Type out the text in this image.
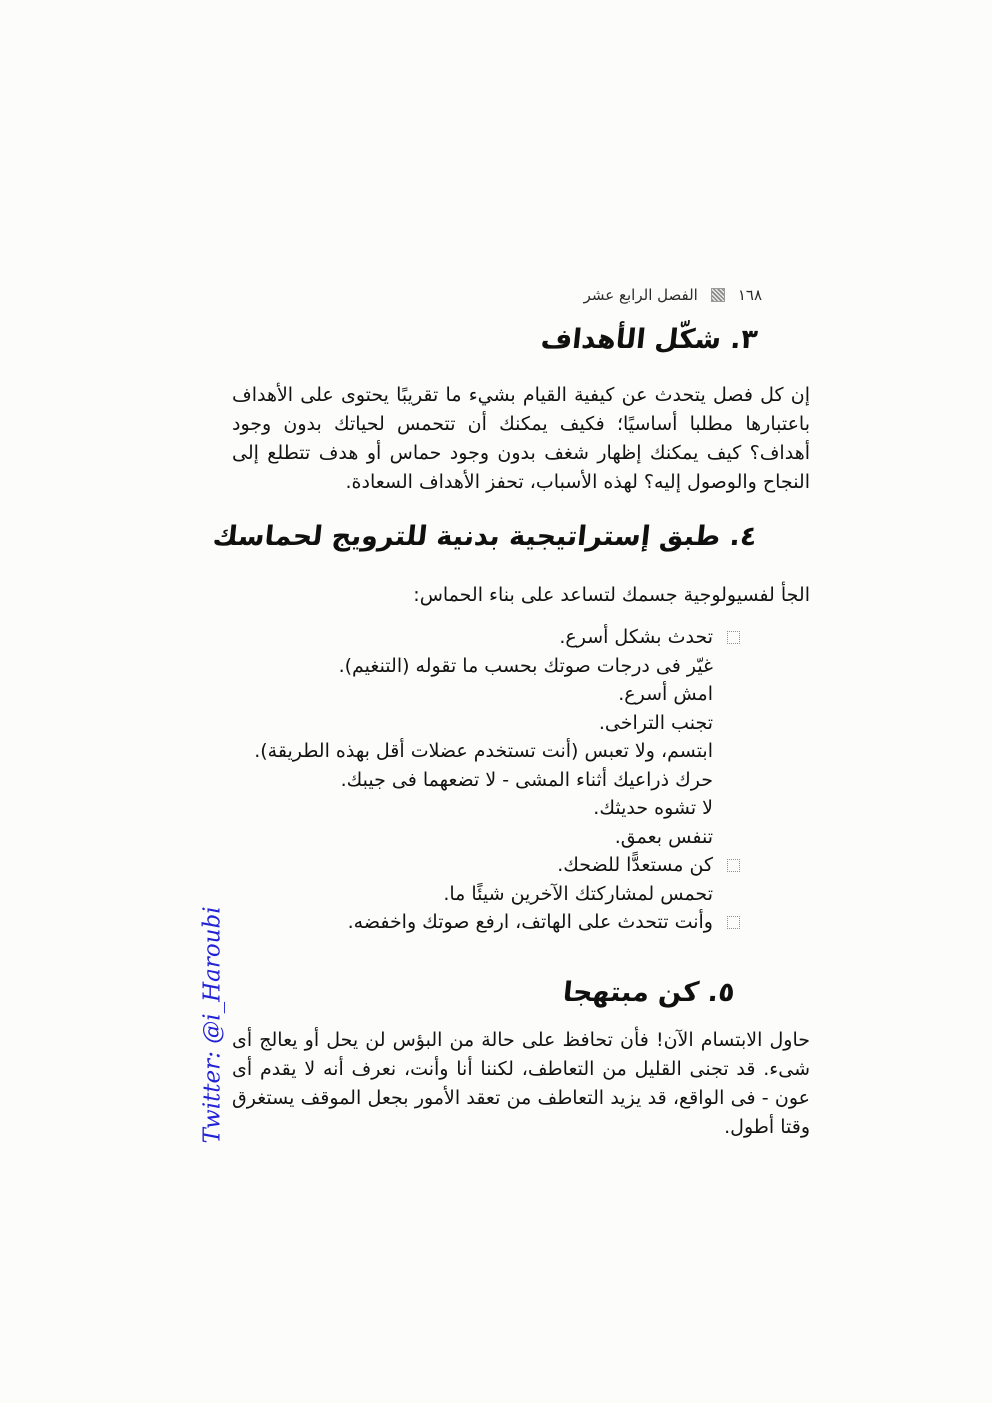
١٦٨
الفصل الرابع عشر
٣. شكّل الأهداف
إن كل فصل يتحدث عن كيفية القيام بشيء ما تقريبًا يحتوى على الأهداف باعتبارها مطلبا أساسيًا؛ فكيف يمكنك أن تتحمس لحياتك بدون وجود أهداف؟ كيف يمكنك إظهار شغف بدون وجود حماس أو هدف تتطلع إلى النجاح والوصول إليه؟ لهذه الأسباب، تحفز الأهداف السعادة.
٤. طبق إستراتيجية بدنية للترويج لحماسك
الجأ لفسيولوجية جسمك لتساعد على بناء الحماس:
تحدث بشكل أسرع.
غيّر فى درجات صوتك بحسب ما تقوله (التنغيم).
امش أسرع.
تجنب التراخى.
ابتسم، ولا تعبس (أنت تستخدم عضلات أقل بهذه الطريقة).
حرك ذراعيك أثناء المشى - لا تضعهما فى جيبك.
لا تشوه حديثك.
تنفس بعمق.
كن مستعدًّا للضحك.
تحمس لمشاركتك الآخرين شيئًا ما.
وأنت تتحدث على الهاتف، ارفع صوتك واخفضه.
٥. كن مبتهجا
حاول الابتسام الآن! فأن تحافظ على حالة من البؤس لن يحل أو يعالج أى شىء. قد تجنى القليل من التعاطف، لكننا أنا وأنت، نعرف أنه لا يقدم أى عون - فى الواقع، قد يزيد التعاطف من تعقد الأمور بجعل الموقف يستغرق وقتا أطول.
Twitter: @i_Haroubi
